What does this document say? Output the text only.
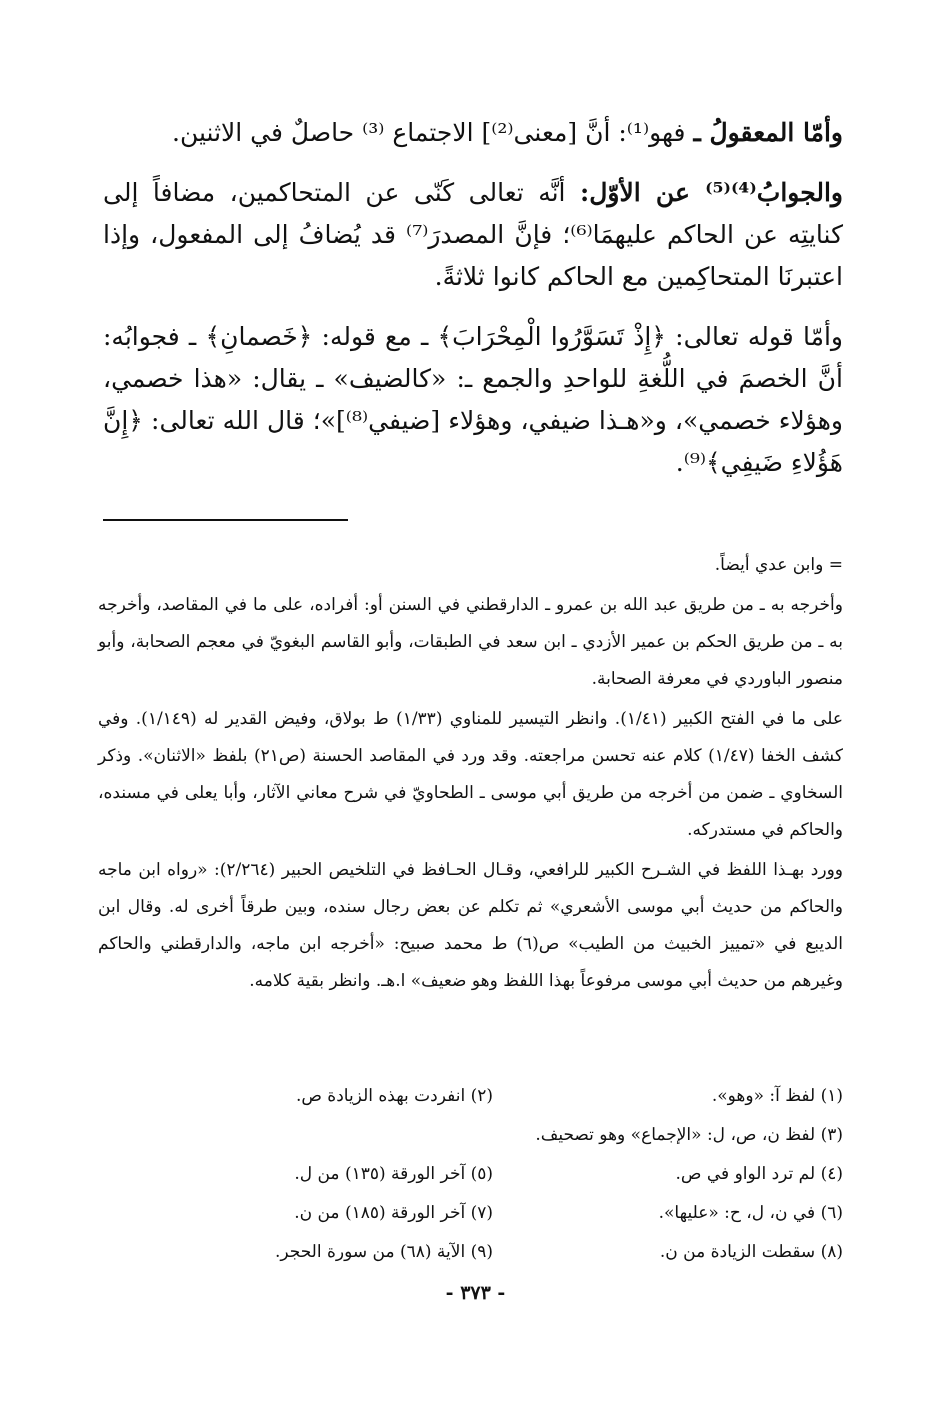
وأمّا المعقولُ ـ فهو⁽¹⁾: أنَّ [معنى⁽²⁾] الاجتماع ⁽³⁾ حاصلٌ في الاثنين.

والجوابُ⁽⁴⁾⁽⁵⁾ عن الأوّل: أنَّه تعالى كَنّى عن المتحاكمين، مضافاً إلى كنايتِه عن الحاكم عليهمَا⁽⁶⁾؛ فإنَّ المصدرَ⁽⁷⁾ قد يُضافُ إلى المفعول، وإذا اعتبرنَا المتحاكِمين مع الحاكم كانوا ثلاثةً.

وأمّا قوله تعالى: ﴿إِذْ تَسَوَّرُوا الْمِحْرَابَ﴾ ـ مع قوله: ﴿خَصمانِ﴾ ـ فجوابُه: أنَّ الخصمَ في اللُّغةِ للواحدِ والجمع ـ: «كالضيف» ـ يقال: «هذا خصمي، وهؤلاء خصمي»، و«هـذا ضيفي، وهؤلاء [ضيفي⁽⁸⁾]»؛ قال الله تعالى: ﴿إِنَّ هَؤُلاءِ ضَيفِي﴾⁽⁹⁾.

= وابن عدي أيضاً.

وأخرجه به ـ من طريق عبد الله بن عمرو ـ الدارقطني في السنن أو: أفراده، على ما في المقاصد، وأخرجه به ـ من طريق الحكم بن عمير الأزدي ـ ابن سعد في الطبقات، وأبو القاسم البغويّ في معجم الصحابة، وأبو منصور الباوردي في معرفة الصحابة.

على ما في الفتح الكبير (١/٤١). وانظر التيسير للمناوي (١/٣٣) ط بولاق، وفيض القدير له (١/١٤٩). وفي كشف الخفا (١/٤٧) كلام عنه تحسن مراجعته. وقد ورد في المقاصد الحسنة (ص٢١) بلفظ «الاثنان». وذكر السخاوي ـ ضمن من أخرجه من طريق أبي موسى ـ الطحاويّ في شرح معاني الآثار، وأبا يعلى في مسنده، والحاكم في مستدركه.

وورد بهـذا اللفظ في الشـرح الكبير للرافعي، وقـال الحـافظ في التلخيص الحبير (٢/٢٦٤): «رواه ابن ماجه والحاكم من حديث أبي موسى الأشعري» ثم تكلم عن بعض رجال سنده، وبين طرقاً أخرى له. وقال ابن الديبع في «تمييز الخبيث من الطيب» ص(٦) ط محمد صبيح: «أخرجه ابن ماجه، والدارقطني والحاكم وغيرهم من حديث أبي موسى مرفوعاً بهذا اللفظ وهو ضعيف» ا.هـ. وانظر بقية كلامه.

(١) لفظ آ: «وهو».
(٢) انفردت بهذه الزيادة ص.
(٣) لفظ ن، ص، ل: «الإجماع» وهو تصحيف.
(٤) لم ترد الواو في ص.
(٥) آخر الورقة (١٣٥) من ل.
(٦) في ن، ل، ح: «عليها».
(٧) آخر الورقة (١٨٥) من ن.
(٨) سقطت الزيادة من ن.
(٩) الآية (٦٨) من سورة الحجر.
- ٣٧٣ -
